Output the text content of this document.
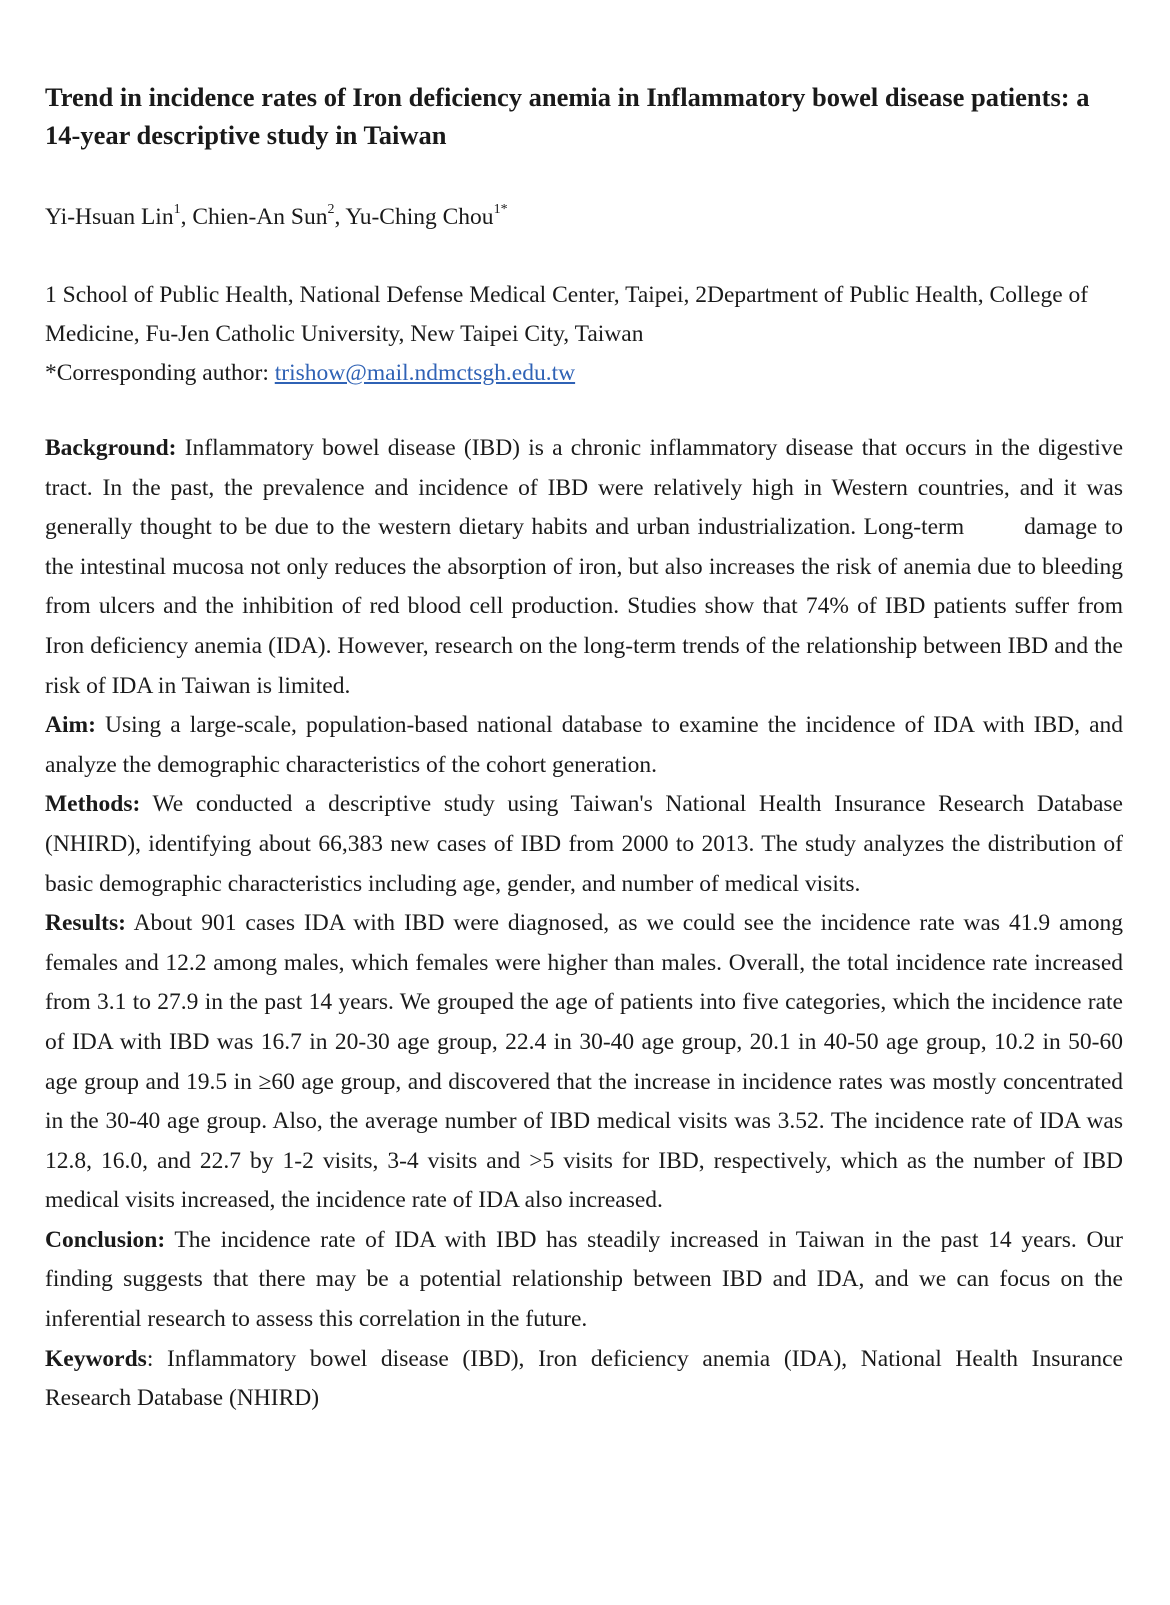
Trend in incidence rates of Iron deficiency anemia in Inflammatory bowel disease patients: a 14-year descriptive study in Taiwan
Yi-Hsuan Lin$^1$, Chien-An Sun$^2$, Yu-Ching Chou$^{1*}$
1 School of Public Health, National Defense Medical Center, Taipei, 2Department of Public Health, College of Medicine, Fu-Jen Catholic University, New Taipei City, Taiwan
*Corresponding author: trishow@mail.ndmctsgh.edu.tw

Background: Inflammatory bowel disease (IBD) is a chronic inflammatory disease that occurs in the digestive tract. In the past, the prevalence and incidence of IBD were relatively high in Western countries, and it was generally thought to be due to the western dietary habits and urban industrialization. Long-term	damage to the intestinal mucosa not only reduces the absorption of iron, but also increases the risk of anemia due to bleeding from ulcers and the inhibition of red blood cell production. Studies show that 74% of IBD patients suffer from Iron deficiency anemia (IDA). However, research on the long-term trends of the relationship between IBD and the risk of IDA in Taiwan is limited.

Aim: Using a large-scale, population-based national database to examine the incidence of IDA with IBD, and analyze the demographic characteristics of the cohort generation.

Methods: We conducted a descriptive study using Taiwan's National Health Insurance Research Database (NHIRD), identifying about 66,383 new cases of IBD from 2000 to 2013. The study analyzes the distribution of basic demographic characteristics including age, gender, and number of medical visits.

Results: About 901 cases IDA with IBD were diagnosed, as we could see the incidence rate was 41.9 among females and 12.2 among males, which females were higher than males. Overall, the total incidence rate increased from 3.1 to 27.9 in the past 14 years. We grouped the age of patients into five categories, which the incidence rate of IDA with IBD was 16.7 in 20-30 age group, 22.4 in 30-40 age group, 20.1 in 40-50 age group, 10.2 in 50-60 age group and 19.5 in ≥60 age group, and discovered that the increase in incidence rates was mostly concentrated in the 30-40 age group. Also, the average number of IBD medical visits was 3.52. The incidence rate of IDA was 12.8, 16.0, and 22.7 by 1-2 visits, 3-4 visits and >5 visits for IBD, respectively, which as the number of IBD medical visits increased, the incidence rate of IDA also increased.

Conclusion: The incidence rate of IDA with IBD has steadily increased in Taiwan in the past 14 years. Our finding suggests that there may be a potential relationship between IBD and IDA, and we can focus on the inferential research to assess this correlation in the future.

Keywords: Inflammatory bowel disease (IBD), Iron deficiency anemia (IDA), National Health Insurance Research Database (NHIRD)
